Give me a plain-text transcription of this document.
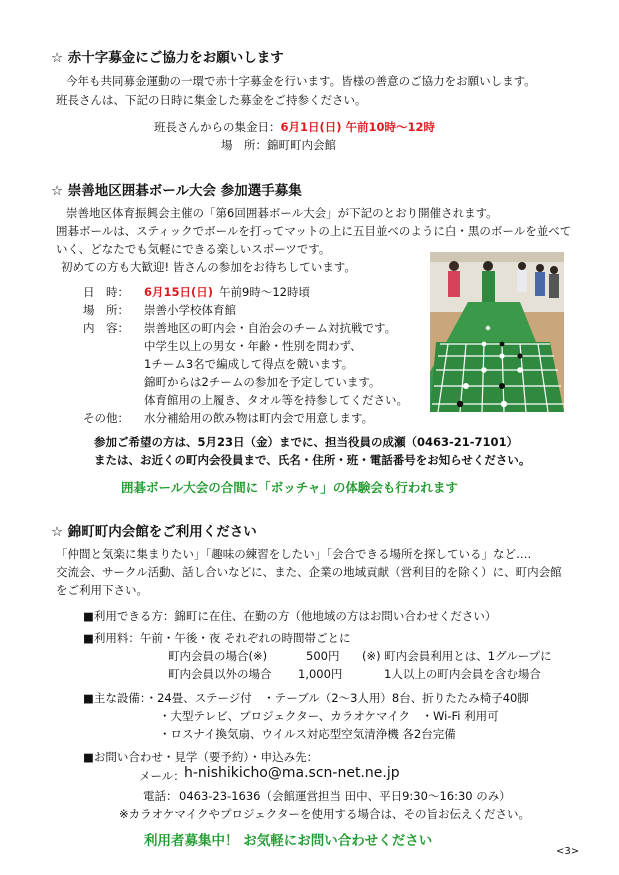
☆ 赤十字募金にご協力をお願いします
今年も共同募金運動の一環で赤十字募金を行います。皆様の善意のご協力をお願いします。
班長さんは、下記の日時に集金した募金をご持参ください。
班長さんからの集金日：6月1日(日) 午前10時～12時
場　所：錦町町内会館
☆ 崇善地区囲碁ボール大会 参加選手募集
崇善地区体育振興会主催の「第6回囲碁ボール大会」が下記のとおり開催されます。
囲碁ボールは、スティックでボールを打ってマットの上に五目並べのように白・黒のボールを並べて
いく、どなたでも気軽にできる楽しいスポーツです。
初めての方も大歓迎! 皆さんの参加をお待ちしています。
日　時： 6月15日(日) 午前9時～12時頃
場　所： 崇善小学校体育館
内　容： 崇善地区の町内会・自治会のチーム対抗戦です。
中学生以上の男女・年齢・性別を問わず、
1チーム3名で編成して得点を競います。
錦町からは2チームの参加を予定しています。
体育館用の上履き、タオル等を持参してください。
その他： 水分補給用の飲み物は町内会で用意します。
参加ご希望の方は、5月23日（金）までに、担当役員の成瀬（0463-21-7101）
または、お近くの町内会役員まで、氏名・住所・班・電話番号をお知らせください。
囲碁ボール大会の合間に「ボッチャ」の体験会も行われます
☆ 錦町町内会館をご利用ください
「仲間と気楽に集まりたい」「趣味の練習をしたい」「会合できる場所を探している」など‥‥
交流会、サークル活動、話し合いなどに、また、企業の地域貢献（営利目的を除く）に、町内会館
をご利用下さい。
■利用できる方：錦町に在住、在勤の方（他地域の方はお問い合わせください）
■利用料：午前・午後・夜 それぞれの時間帯ごとに
町内会員の場合(※)	500円 (※) 町内会員利用とは、1グループに
町内会員以外の場合 1,000円	1人以上の町内会員を含む場合
■主な設備：・24畳、ステージ付　・テーブル（2～3人用）8台、折りたたみ椅子40脚
・大型テレビ、プロジェクター、カラオケマイク　・Wi-Fi 利用可
・ロスナイ換気扇、ウイルス対応型空気清浄機 各2台完備
■お問い合わせ・見学（要予約）・申込み先：
メール： h-nishikicho@ma.scn-net.ne.jp
電話： 0463-23-1636（会館運営担当 田中、平日9:30～16:30 のみ）
※カラオケマイクやプロジェクターを使用する場合は、その旨お伝えください。
利用者募集中！ お気軽にお問い合わせください
<3>
